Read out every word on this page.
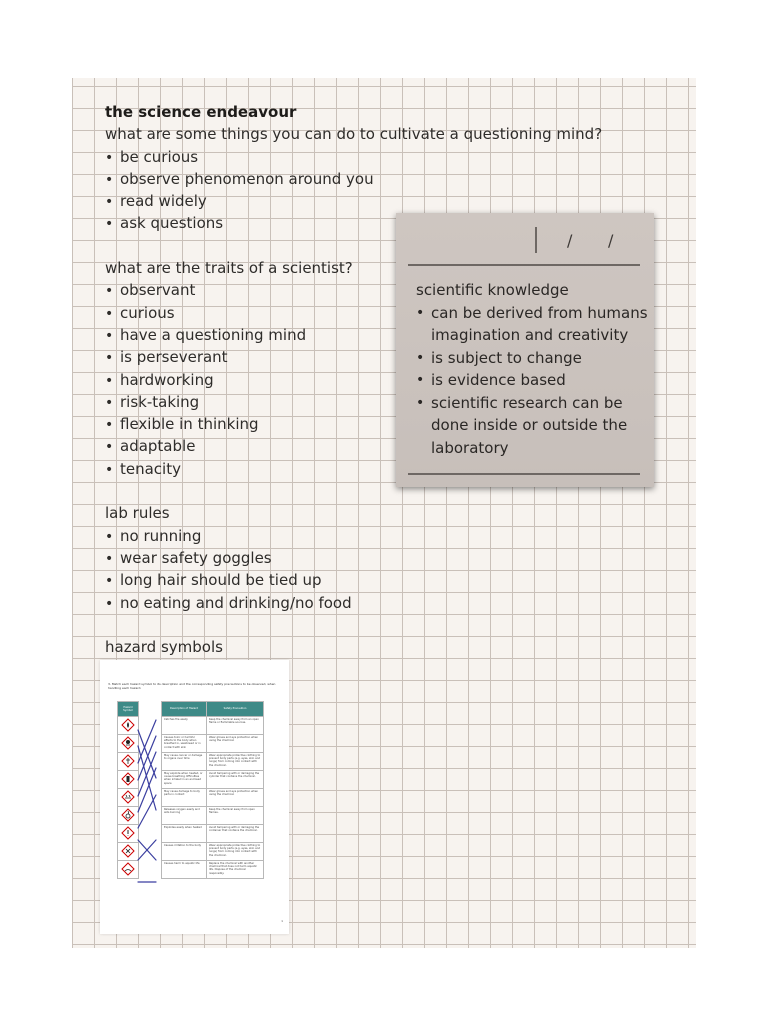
the science endeavour
what are some things you can do to cultivate a questioning mind?
• be curious
• observe phenomenon around you
• read widely
• ask questions
what are the traits of a scientist?
• observant
• curious
• have a questioning mind
• is perseverant
• hardworking
• risk-taking
• flexible in thinking
• adaptable
• tenacity
lab rules
• no running
• wear safety goggles
• long hair should be tied up
• no eating and drinking/no food
hazard symbols
/ /
scientific knowledge
• can be derived from humans imagination and creativity
• is subject to change
• is evidence based
• scientific research can be done inside or outside the laboratory
3. Match each hazard symbol to its description and the corresponding safety precautions to be observed, when handling each hazard.
Hazard Symbol		Description of Hazard	Safety Precaution
		Catches fire easily	Keep the chemical away from an open flame or flammable sources.
		Causes toxic or harmful effects to the body when breathed in, swallowed or in contact with skin	Wear gloves and eye protection when using the chemical.
		May cause cancer or damage to organs over time	Wear appropriate protective clothing to prevent body parts (e.g. eyes, skin and lungs) from coming into contact with the chemical.
		May explode when heated, or cause breathing difficulties when inhaled in an enclosed space	Avoid tampering with or damaging the cylinder that contains the chemical.
		May cause damage to body parts in contact	Wear gloves and eye protection when using the chemical.
		Releases oxygen easily and aids burning	Keep the chemical away from open flames.
		Explodes easily when heated	Avoid tampering with or damaging the container that contains the chemical.
		Causes irritation to the body	Wear appropriate protective clothing to prevent body parts (e.g. eyes, skin and lungs) from coming into contact with the chemical.
		Causes harm to aquatic life	Replace the chemical with another chemical that does not harm aquatic life. Dispose of the chemical responsibly.
1
